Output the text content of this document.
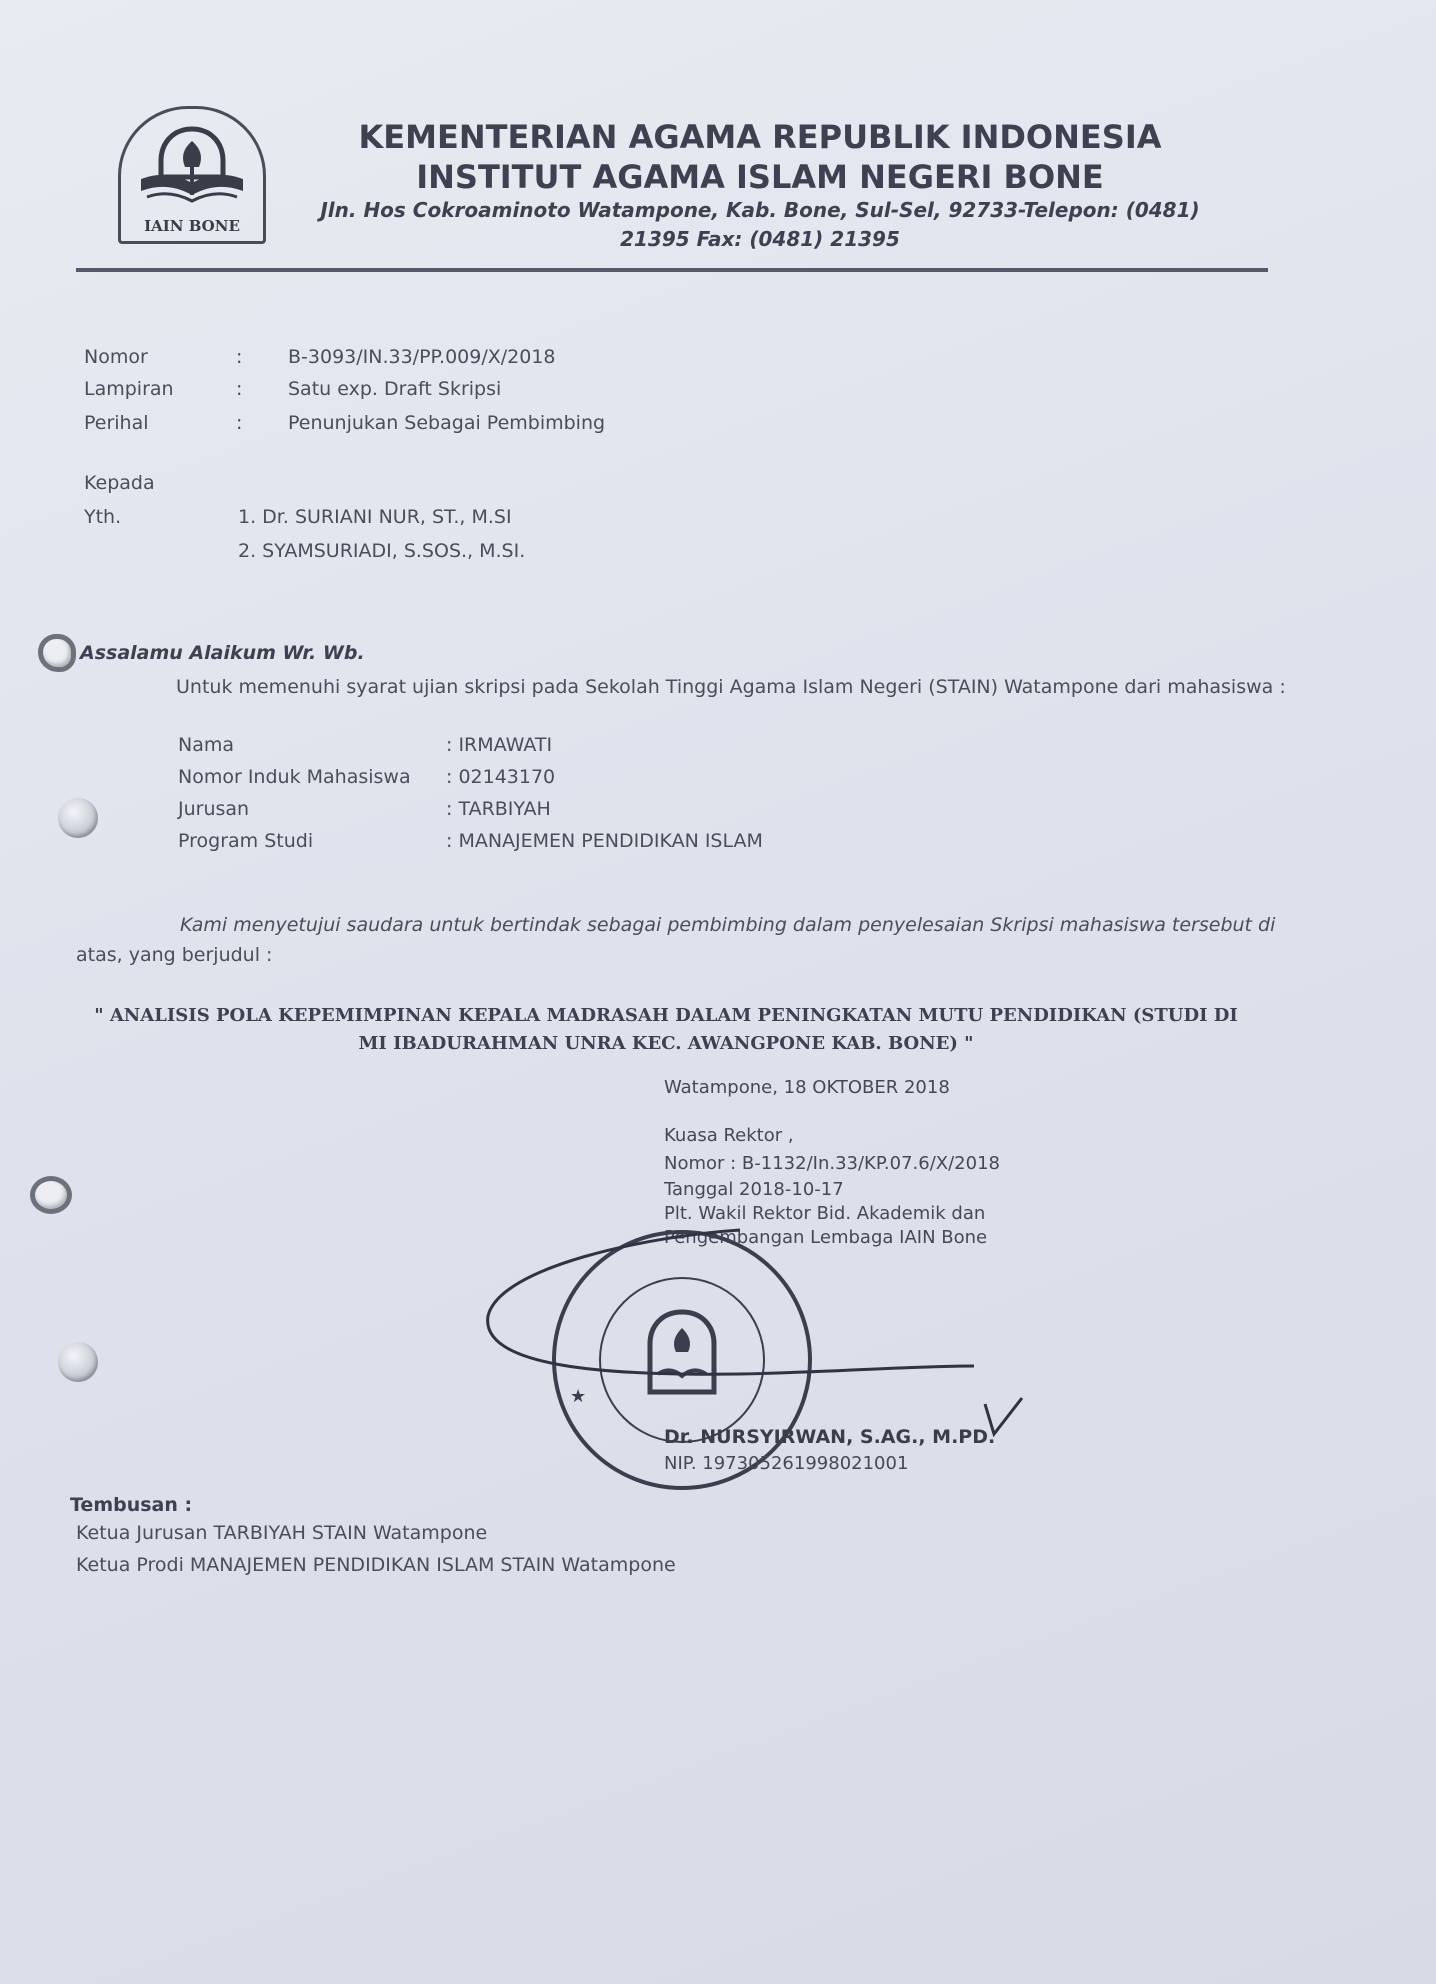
IAIN BONE
KEMENTERIAN AGAMA REPUBLIK INDONESIA
INSTITUT AGAMA ISLAM NEGERI BONE
Jln. Hos Cokroaminoto Watampone, Kab. Bone, Sul-Sel, 92733-Telepon: (0481)
21395 Fax: (0481) 21395
Nomor	: B-3093/IN.33/PP.009/X/2018
Lampiran	: Satu exp. Draft Skripsi
Perihal	: Penunjukan Sebagai Pembimbing
Kepada
Yth.	1. Dr. SURIANI NUR, ST., M.SI
2. SYAMSURIADI, S.SOS., M.SI.
Assalamu Alaikum Wr. Wb.
Untuk memenuhi syarat ujian skripsi pada Sekolah Tinggi Agama Islam Negeri (STAIN) Watampone dari mahasiswa :
Nama	: IRMAWATI
Nomor Induk Mahasiswa : 02143170
Jurusan	: TARBIYAH
Program Studi	: MANAJEMEN PENDIDIKAN ISLAM
Kami menyetujui saudara untuk bertindak sebagai pembimbing dalam penyelesaian Skripsi mahasiswa tersebut di
atas, yang berjudul :
" ANALISIS POLA KEPEMIMPINAN KEPALA MADRASAH DALAM PENINGKATAN MUTU PENDIDIKAN (STUDI DI
MI IBADURAHMAN UNRA KEC. AWANGPONE KAB. BONE) "
Watampone, 18 OKTOBER 2018
Kuasa Rektor ,
Nomor : B-1132/In.33/KP.07.6/X/2018
Tanggal 2018-10-17
Plt. Wakil Rektor Bid. Akademik dan
Pengembangan Lembaga IAIN Bone
★
Dr. NURSYIRWAN, S.AG., M.PD.
NIP. 197305261998021001
Tembusan :
Ketua Jurusan TARBIYAH STAIN Watampone
Ketua Prodi MANAJEMEN PENDIDIKAN ISLAM STAIN Watampone
